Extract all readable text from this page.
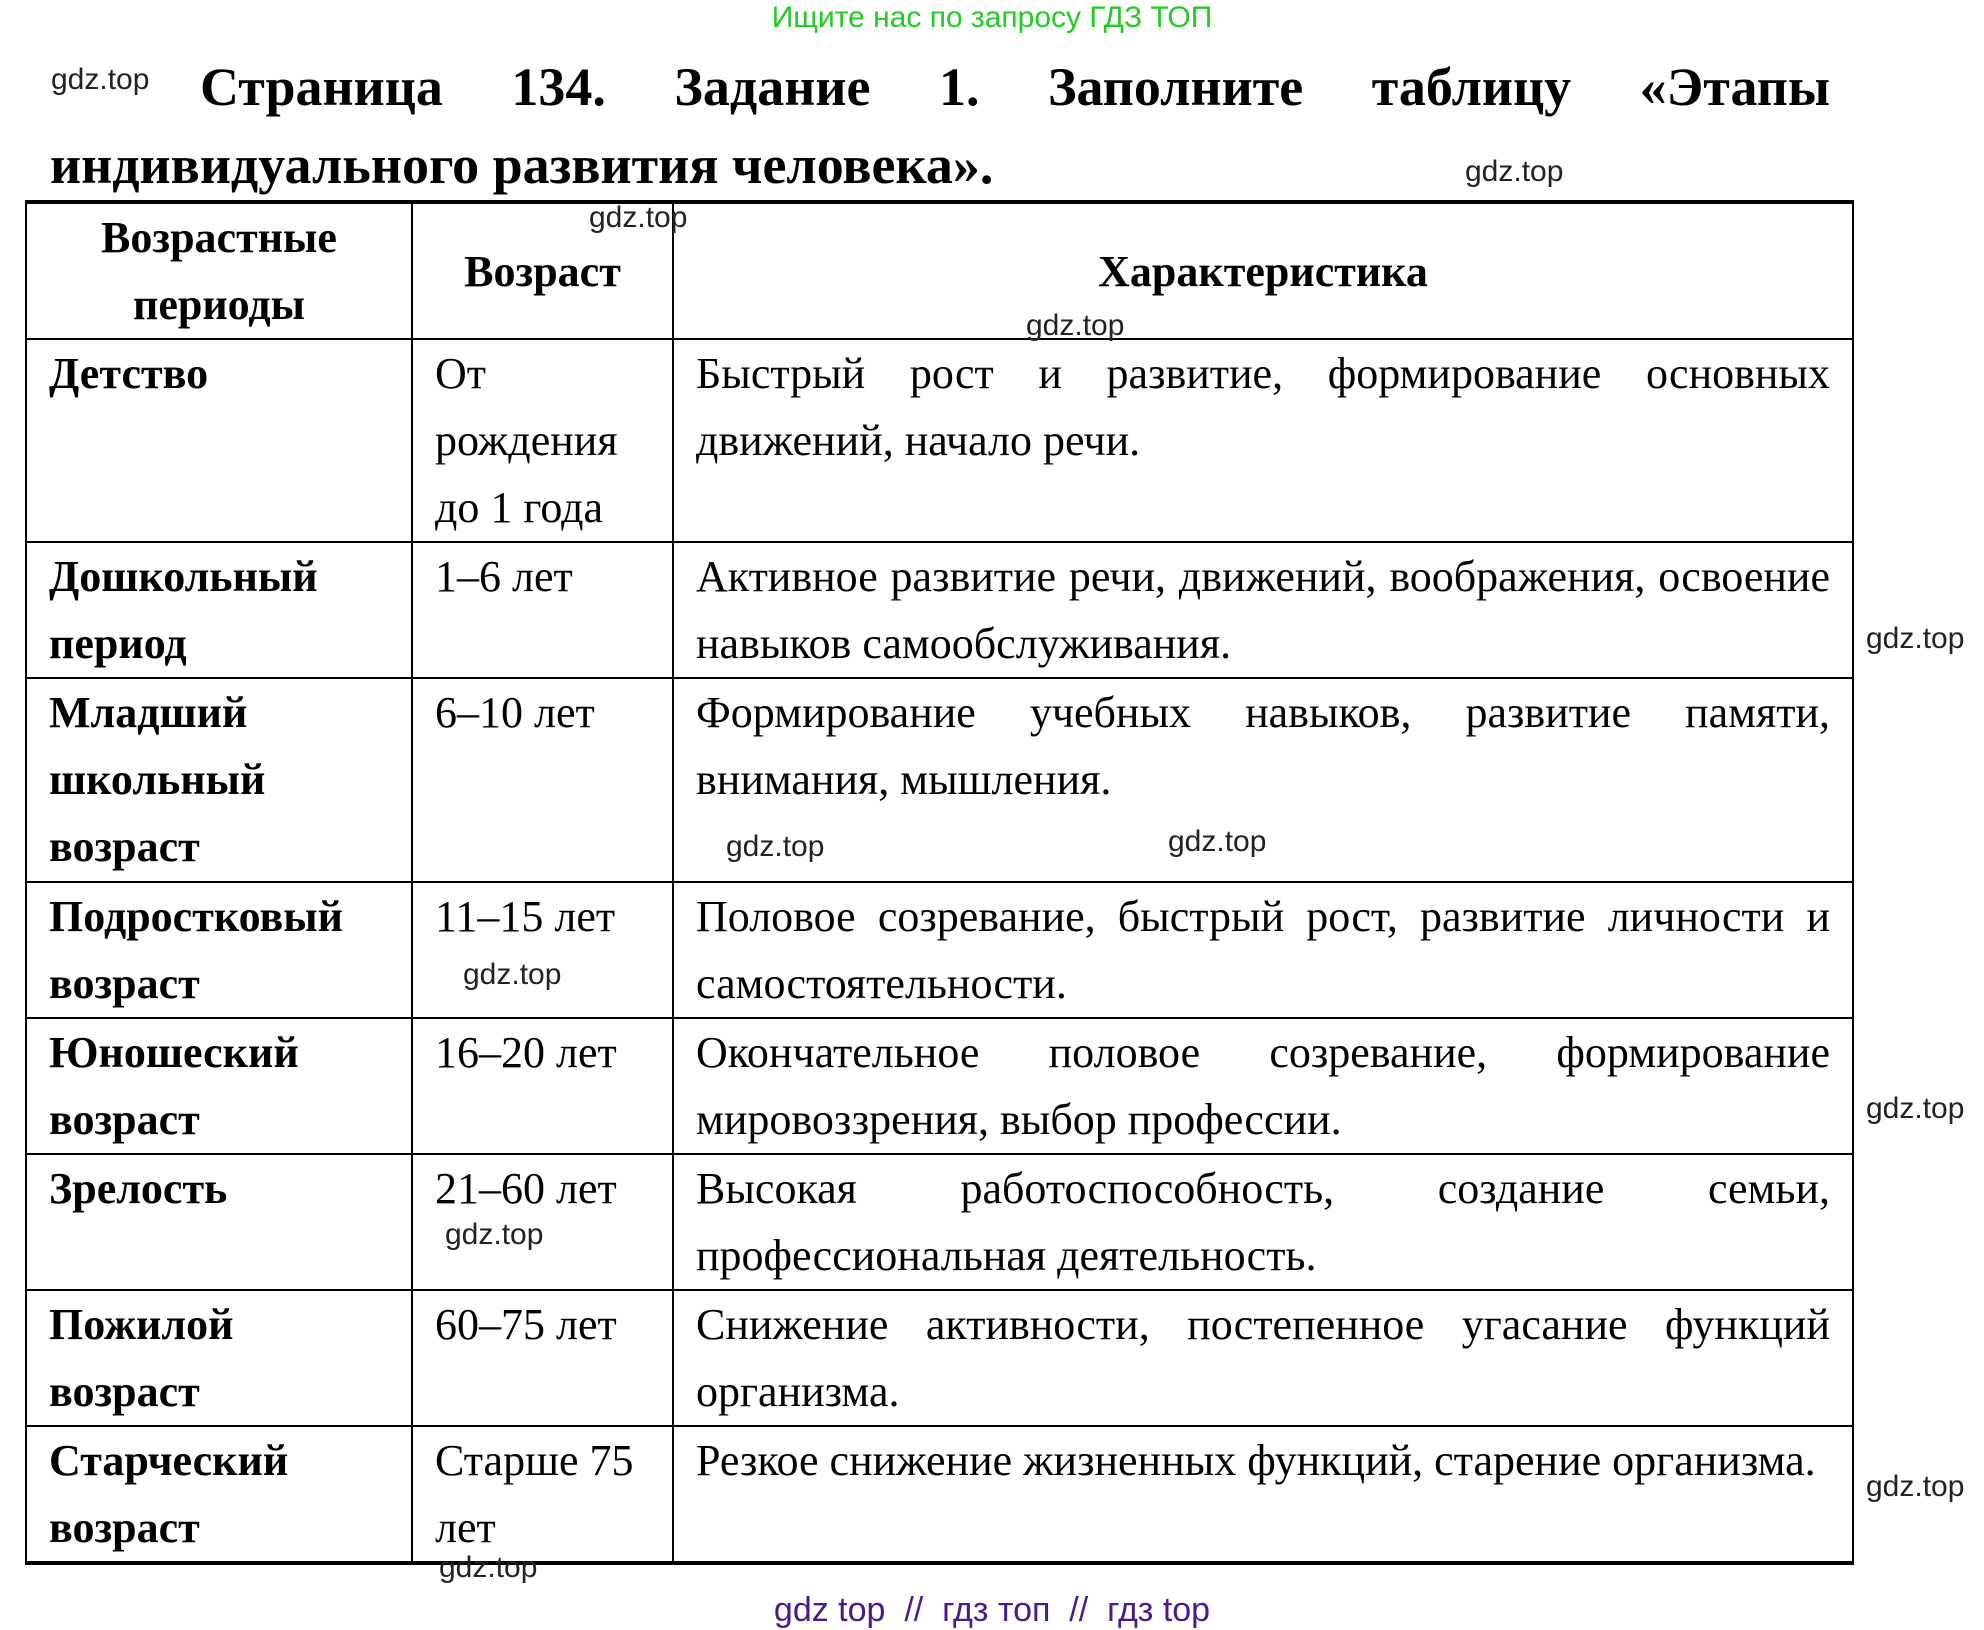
Ищите нас по запросу ГДЗ ТОП
Страница 134. Задание 1. Заполните таблицу «Этапы индивидуального развития человека».
Возрастные периоды	Возраст	Характеристика
Детство	От рождения до 1 года	Быстрый рост и развитие, формирование основных движений, начало речи.
Дошкольный период	1–6 лет	Активное развитие речи, движений, воображения, освоение навыков самообслуживания.
Младший школьный возраст	6–10 лет	Формирование учебных навыков, развитие памяти, внимания, мышления.
Подростковый возраст	11–15 лет	Половое созревание, быстрый рост, развитие личности и самостоятельности.
Юношеский возраст	16–20 лет	Окончательное половое созревание, формирование мировоззрения, выбор профессии.
Зрелость	21–60 лет	Высокая работоспособность, создание семьи, профессиональная деятельность.
Пожилой возраст	60–75 лет	Снижение активности, постепенное угасание функций организма.
Старческий возраст	Старше 75 лет	Резкое снижение жизненных функций, старение организма.
gdz.top
gdz.top
gdz.top
gdz.top
gdz.top
gdz.top
gdz.top
gdz.top
gdz.top
gdz.top
gdz.top
gdz.top
gdz top  //  гдз топ  //  гдз top
